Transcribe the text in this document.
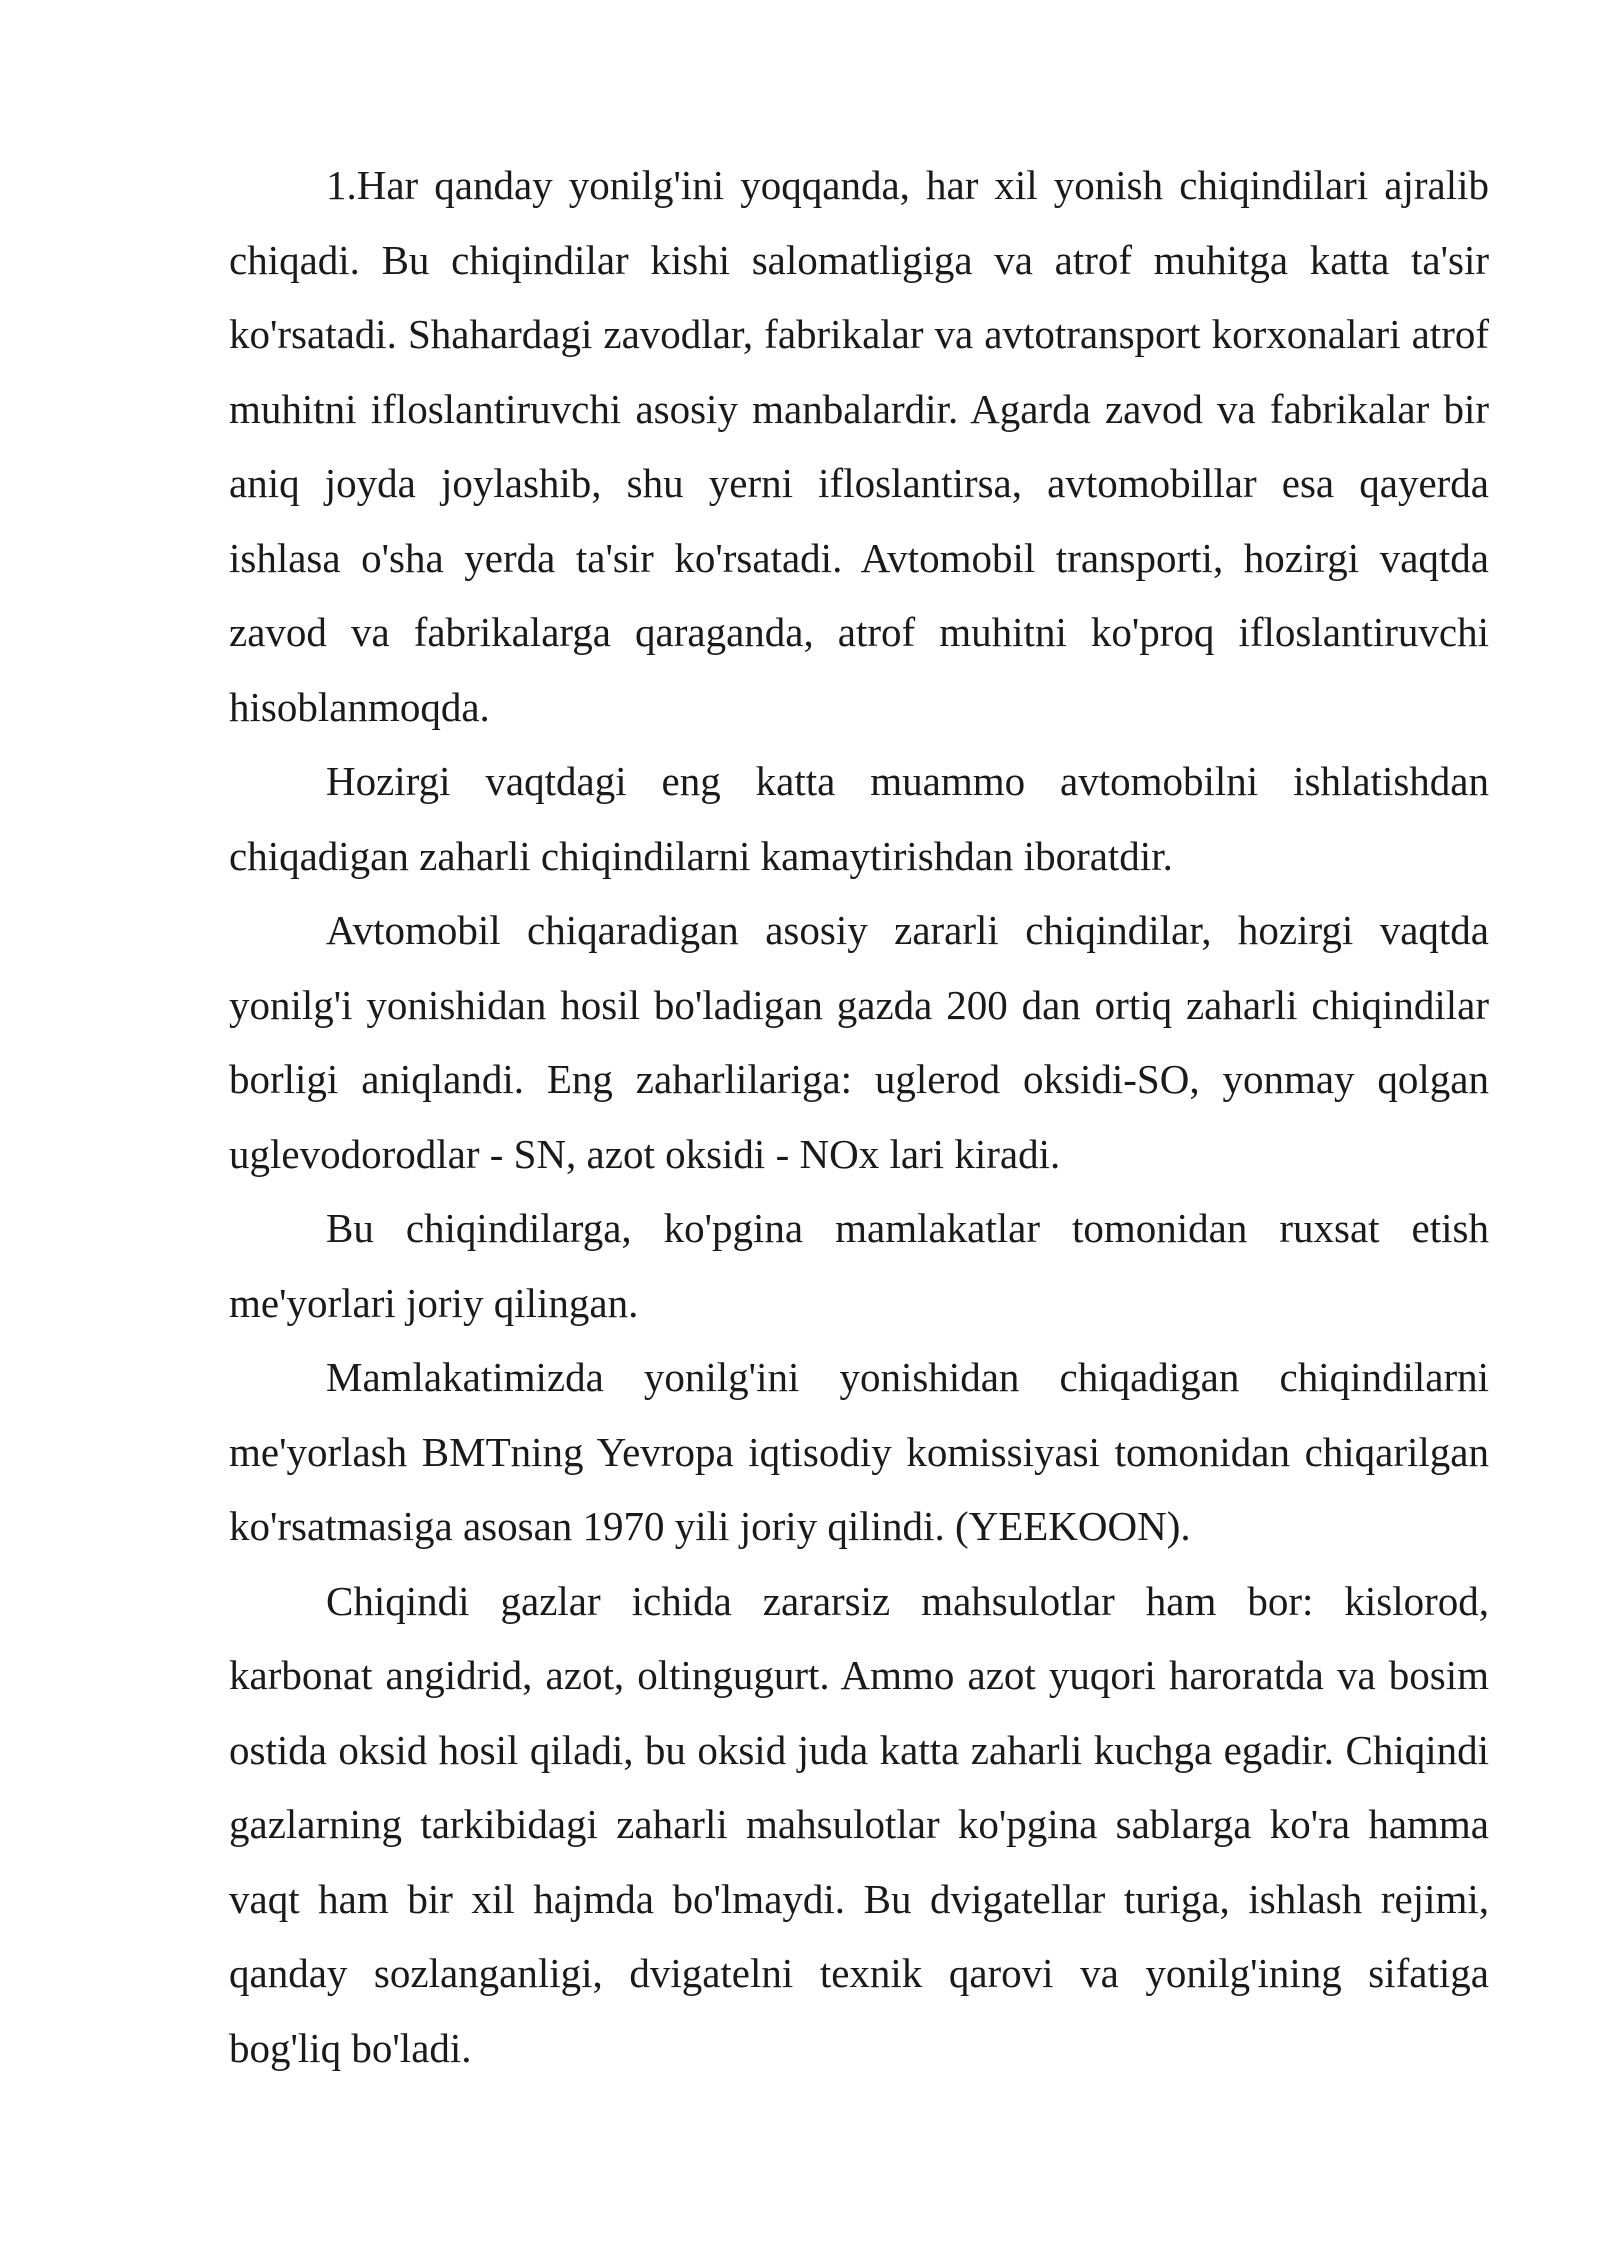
1.Har qanday yonilg'ini yoqqanda, har xil yonish chiqindilari ajralib chiqadi. Bu chiqindilar kishi salomatligiga va atrof muhitga katta ta'sir ko'rsatadi. Shahardagi zavodlar, fabrikalar va avtotransport korxonalari atrof muhitni ifloslantiruvchi asosiy manbalardir. Agarda zavod va fabrikalar bir aniq joyda joylashib, shu yerni ifloslantirsa, avtomobillar esa qayerda ishlasa o'sha yerda ta'sir ko'rsatadi. Avtomobil transporti, hozirgi vaqtda zavod va fabrikalarga qaraganda, atrof muhitni ko'proq ifloslantiruvchi hisoblanmoqda.

Hozirgi vaqtdagi eng katta muammo avtomobilni ishlatishdan chiqadigan zaharli chiqindilarni kamaytirishdan iboratdir.

Avtomobil chiqaradigan asosiy zararli chiqindilar, hozirgi vaqtda yonilg'i yonishidan hosil bo'ladigan gazda 200 dan ortiq zaharli chiqindilar borligi aniqlandi. Eng zaharlilariga: uglerod oksidi-SO, yonmay qolgan uglevodorodlar - SN, azot oksidi - NOx lari kiradi.

Bu chiqindilarga, ko'pgina mamlakatlar tomonidan ruxsat etish me'yorlari joriy qilingan.

Mamlakatimizda yonilg'ini yonishidan chiqadigan chiqindilarni me'yorlash BMTning Yevropa iqtisodiy komissiyasi tomonidan chiqarilgan ko'rsatmasiga asosan 1970 yili joriy qilindi. (YEEKOON).

Chiqindi gazlar ichida zararsiz mahsulotlar ham bor: kislorod, karbonat angidrid, azot, oltingugurt. Ammo azot yuqori haroratda va bosim ostida oksid hosil qiladi, bu oksid juda katta zaharli kuchga egadir. Chiqindi gazlarning tarkibidagi zaharli mahsulotlar ko'pgina sablarga ko'ra hamma vaqt ham bir xil hajmda bo'lmaydi. Bu dvigatellar turiga, ishlash rejimi, qanday sozlanganligi, dvigatelni texnik qarovi va yonilg'ining sifatiga bog'liq bo'ladi.
